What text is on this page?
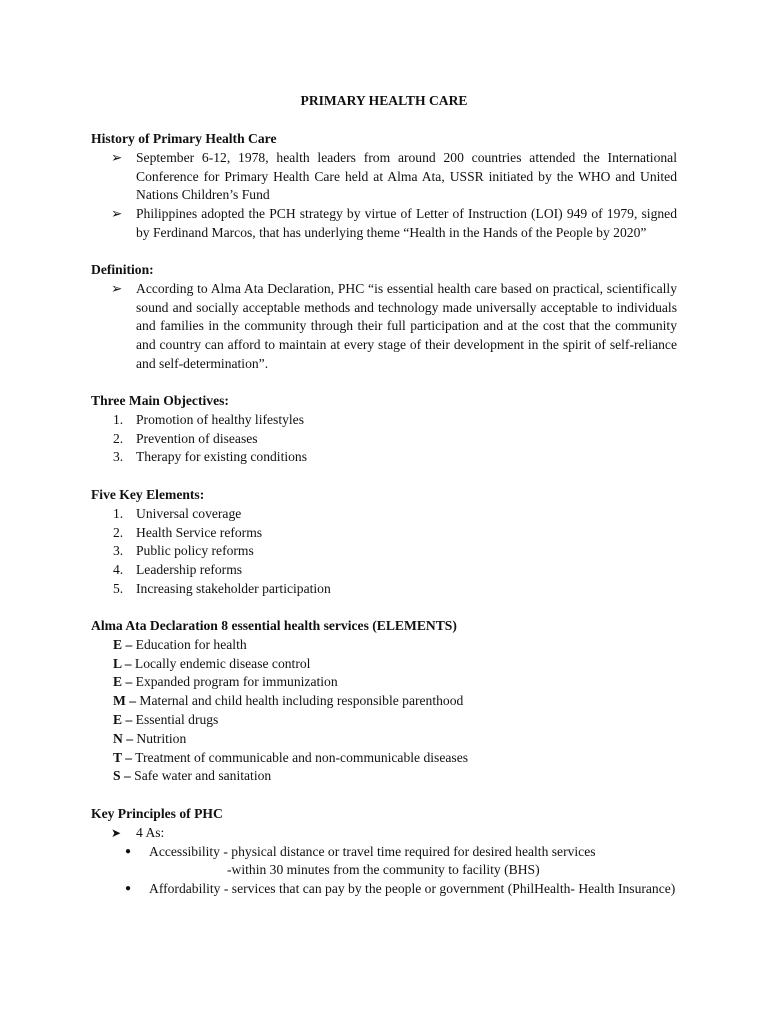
PRIMARY HEALTH CARE
History of Primary Health Care
➢ September 6-12, 1978, health leaders from around 200 countries attended the International Conference for Primary Health Care held at Alma Ata, USSR initiated by the WHO and United Nations Children’s Fund
➢ Philippines adopted the PCH strategy by virtue of Letter of Instruction (LOI) 949 of 1979, signed by Ferdinand Marcos, that has underlying theme “Health in the Hands of the People by 2020”
Definition:
➢ According to Alma Ata Declaration, PHC “is essential health care based on practical, scientifically sound and socially acceptable methods and technology made universally acceptable to individuals and families in the community through their full participation and at the cost that the community and country can afford to maintain at every stage of their development in the spirit of self-reliance and self-determination”.
Three Main Objectives:
1. Promotion of healthy lifestyles
2. Prevention of diseases
3. Therapy for existing conditions
Five Key Elements:
1. Universal coverage
2. Health Service reforms
3. Public policy reforms
4. Leadership reforms
5. Increasing stakeholder participation
Alma Ata Declaration 8 essential health services (ELEMENTS)
E – Education for health
L – Locally endemic disease control
E – Expanded program for immunization
M – Maternal and child health including responsible parenthood
E – Essential drugs
N – Nutrition
T – Treatment of communicable and non-communicable diseases
S – Safe water and sanitation
Key Principles of PHC
➤ 4 As:
● Accessibility - physical distance or travel time required for desired health services
-within 30 minutes from the community to facility (BHS)
● Affordability - services that can pay by the people or government (PhilHealth- Health Insurance)
